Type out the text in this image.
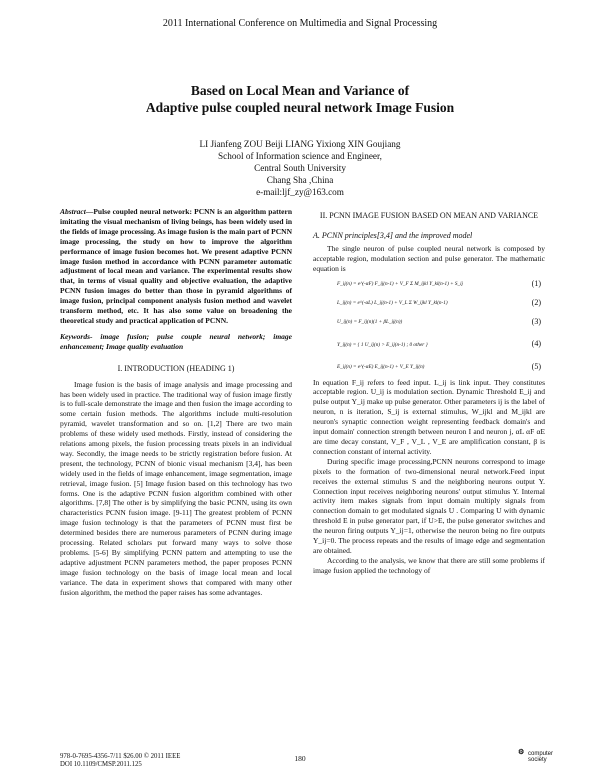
2011 International Conference on Multimedia and Signal Processing
Based on Local Mean and Variance of
Adaptive pulse coupled neural network Image Fusion
LI Jianfeng ZOU Beiji LIANG Yixiong XIN Goujiang
School of Information science and Engineer,
Central South University
Chang Sha ,China
e-mail:ljf_zy@163.com

Abstract—Pulse coupled neural network: PCNN is an algorithm pattern imitating the visual mechanism of living beings, has been widely used in the fields of image processing. As image fusion is the main part of PCNN image processing, the study on how to improve the algorithm performance of image fusion becomes hot. We present adaptive PCNN image fusion method in accordance with PCNN parameter automatic adjustment of local mean and variance. The experimental results show that, in terms of visual quality and objective evaluation, the adaptive PCNN fusion images do better than those in pyramid algorithms of image fusion, principal component analysis fusion method and wavelet transform method, etc. It has also some value on broadening the theoretical study and practical application of PCNN.

Keywords- image fusion; pulse couple neural network; image enhancement; Image quality evaluation
I. INTRODUCTION (HEADING 1)

Image fusion is the basis of image analysis and image processing and has been widely used in practice. The traditional way of fusion image firstly is to full-scale demonstrate the image and then fusion the image according to some certain fusion methods. The algorithms include multi-resolution pyramid, wavelet transformation and so on. [1,2] There are two main problems of these widely used methods. Firstly, instead of considering the relations among pixels, the fusion processing treats pixels in an individual way. Secondly, the image needs to be strictly registration before fusion. At present, the technology, PCNN of bionic visual mechanism [3,4], has been widely used in the fields of image enhancement, image segmentation, image retrieval, image fusion. [5] Image fusion based on this technology has two forms. One is the adaptive PCNN fusion algorithm combined with other algorithms. [7,8] The other is by simplifying the basic PCNN, using its own characteristics PCNN fusion image. [9-11] The greatest problem of PCNN image fusion technology is that the parameters of PCNN must first be determined besides there are numerous parameters of PCNN during image processing. Related scholars put forward many ways to solve those problems. [5-6] By simplifying PCNN pattern and attempting to use the adaptive adjustment PCNN parameters method, the paper proposes PCNN image fusion technology on the basis of image local mean and local variance. The data in experiment shows that compared with many other fusion algorithm, the method the paper raises has some advantages.

II. PCNN IMAGE FUSION BASED ON MEAN AND VARIANCE
A. PCNN principles[3,4] and the improved model

The single neuron of pulse coupled neural network is composed by acceptable region, modulation section and pulse generator. The mathematic equation is

F_ij(n) = e^(-αF) F_ij(n-1) + V_F Σ M_ijkl Y_kl(n-1) + S_ij	(1)
L_ij(n) = e^(-αL) L_ij(n-1) + V_L Σ W_ijkl Y_kl(n-1)	(2)
U_ij(n) = F_ij(n)(1 + βL_ij(n))	(3)
Y_ij(n) = { 1 U_ij(n) > E_ij(n-1) ; 0 other }	(4)
E_ij(n) = e^(-αE) E_ij(n-1) + V_E Y_ij(n)	(5)

In equation F_ij refers to feed input. L_ij is link input. They constitutes acceptable region. U_ij is modulation section. Dynamic Threshold E_ij and pulse output Y_ij make up pulse generator. Other parameters ij is the label of neuron, n is iteration, S_ij is external stimulus, W_ijkl and M_ijkl are neuron's synaptic connection weight representing feedback domain's and input domain' connection strength between neuron I and neuron j, αL αF αE are time decay constant, V_F , V_L , V_E are amplification constant, β is connection constant of internal activity.

During specific image processing,PCNN neurons correspond to image pixels to the formation of two-dimensional neural network.Feed input receives the external stimulus S and the neighboring neurons output Y. Connection input receives neighboring neurons' output stimulus Y. Internal activity item makes signals from input domain multiply signals from connection domain to get modulated signals U . Comparing U with dynamic threshold E in pulse generator part, if U>E, the pulse generator switches and the neuron firing outputs Y_ij=1, otherwise the neuron being no fire outputs Y_ij=0. The process repeats and the results of image edge and segmentation are obtained.

According to the analysis, we know that there are still some problems if image fusion applied the technology of

978-0-7695-4356-7/11 $26.00 © 2011 IEEE
DOI 10.1109/CMSP.2011.125
180
⚙ computer
society
